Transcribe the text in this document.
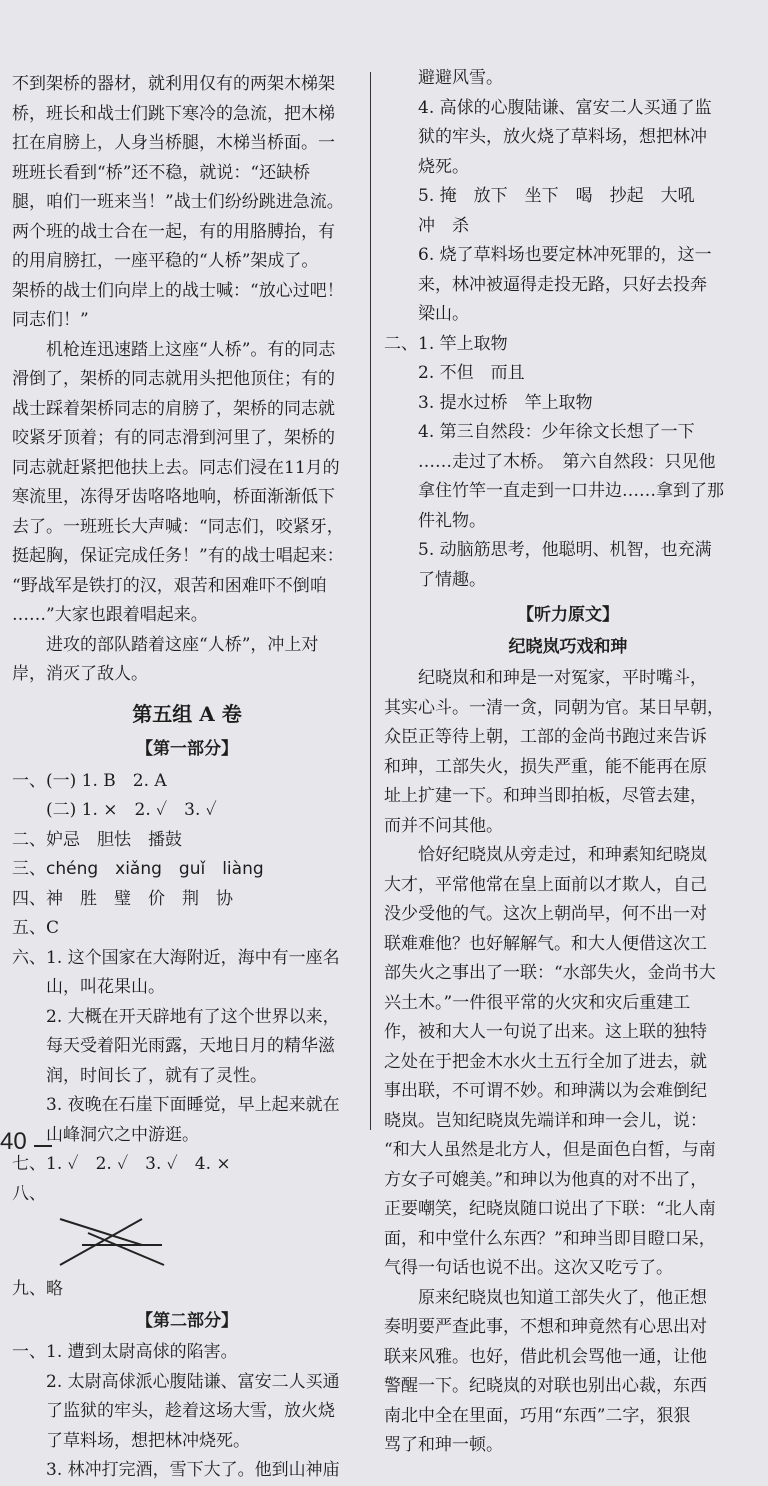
不到架桥的器材，就利用仅有的两架木梯架
桥，班长和战士们跳下寒冷的急流，把木梯
扛在肩膀上，人身当桥腿，木梯当桥面。一
班班长看到“桥”还不稳，就说：“还缺桥
腿，咱们一班来当！”战士们纷纷跳进急流。
两个班的战士合在一起，有的用胳膊抬，有
的用肩膀扛，一座平稳的“人桥”架成了。
架桥的战士们向岸上的战士喊：“放心过吧！
同志们！”
机枪连迅速踏上这座“人桥”。有的同志
滑倒了，架桥的同志就用头把他顶住；有的
战士踩着架桥同志的肩膀了，架桥的同志就
咬紧牙顶着；有的同志滑到河里了，架桥的
同志就赶紧把他扶上去。同志们浸在11月的
寒流里，冻得牙齿咯咯地响，桥面渐渐低下
去了。一班班长大声喊：“同志们，咬紧牙，
挺起胸，保证完成任务！”有的战士唱起来：
“野战军是铁打的汉，艰苦和困难吓不倒咱
……”大家也跟着唱起来。
进攻的部队踏着这座“人桥”，冲上对
岸，消灭了敌人。
第五组 A 卷
【第一部分】
一、(一) 1. B　2. A
(二) 1. ×　2. ✓　3. ✓
二、妒忌　胆怯　播鼓
三、chéng　xiǎng　guǐ　liàng
四、神　胜　璧　价　荆　协
五、C
六、1. 这个国家在大海附近，海中有一座名
山，叫花果山。
2. 大概在开天辟地有了这个世界以来，
每天受着阳光雨露，天地日月的精华滋
润，时间长了，就有了灵性。
3. 夜晚在石崖下面睡觉，早上起来就在
山峰洞穴之中游逛。
七、1. ✓　2. ✓　3. ✓　4. ×
八、
九、略
【第二部分】
一、1. 遭到太尉高俅的陷害。
2. 太尉高俅派心腹陆谦、富安二人买通
了监狱的牢头，趁着这场大雪，放火烧
了草料场，想把林冲烧死。
3. 林冲打完酒，雪下大了。他到山神庙
避避风雪。
4. 高俅的心腹陆谦、富安二人买通了监
狱的牢头，放火烧了草料场，想把林冲
烧死。
5. 掩　放下　坐下　喝　抄起　大吼
冲　杀
6. 烧了草料场也要定林冲死罪的，这一
来，林冲被逼得走投无路，只好去投奔
梁山。
二、1. 竿上取物
2. 不但　而且
3. 提水过桥　竿上取物
4. 第三自然段：少年徐文长想了一下
……走过了木桥。　第六自然段：只见他
拿住竹竿一直走到一口井边……拿到了那
件礼物。
5. 动脑筋思考，他聪明、机智，也充满
了情趣。
【听力原文】
纪晓岚巧戏和珅
纪晓岚和和珅是一对冤家，平时嘴斗，
其实心斗。一清一贪，同朝为官。某日早朝，
众臣正等待上朝，工部的金尚书跑过来告诉
和珅，工部失火，损失严重，能不能再在原
址上扩建一下。和珅当即拍板，尽管去建，
而并不问其他。
恰好纪晓岚从旁走过，和珅素知纪晓岚
大才，平常他常在皇上面前以才欺人，自己
没少受他的气。这次上朝尚早，何不出一对
联难难他？也好解解气。和大人便借这次工
部失火之事出了一联：“水部失火，金尚书大
兴土木。”一件很平常的火灾和灾后重建工
作，被和大人一句说了出来。这上联的独特
之处在于把金木水火土五行全加了进去，就
事出联，不可谓不妙。和珅满以为会难倒纪
晓岚。岂知纪晓岚先端详和珅一会儿，说：
“和大人虽然是北方人，但是面色白皙，与南
方女子可媲美。”和珅以为他真的对不出了，
正要嘲笑，纪晓岚随口说出了下联：“北人南
面，和中堂什么东西？”和珅当即目瞪口呆，
气得一句话也说不出。这次又吃亏了。
原来纪晓岚也知道工部失火了，他正想
奏明要严查此事，不想和珅竟然有心思出对
联来风雅。也好，借此机会骂他一通，让他
警醒一下。纪晓岚的对联也别出心裁，东西
南北中全在里面，巧用“东西”二字，狠狠
骂了和珅一顿。
40
